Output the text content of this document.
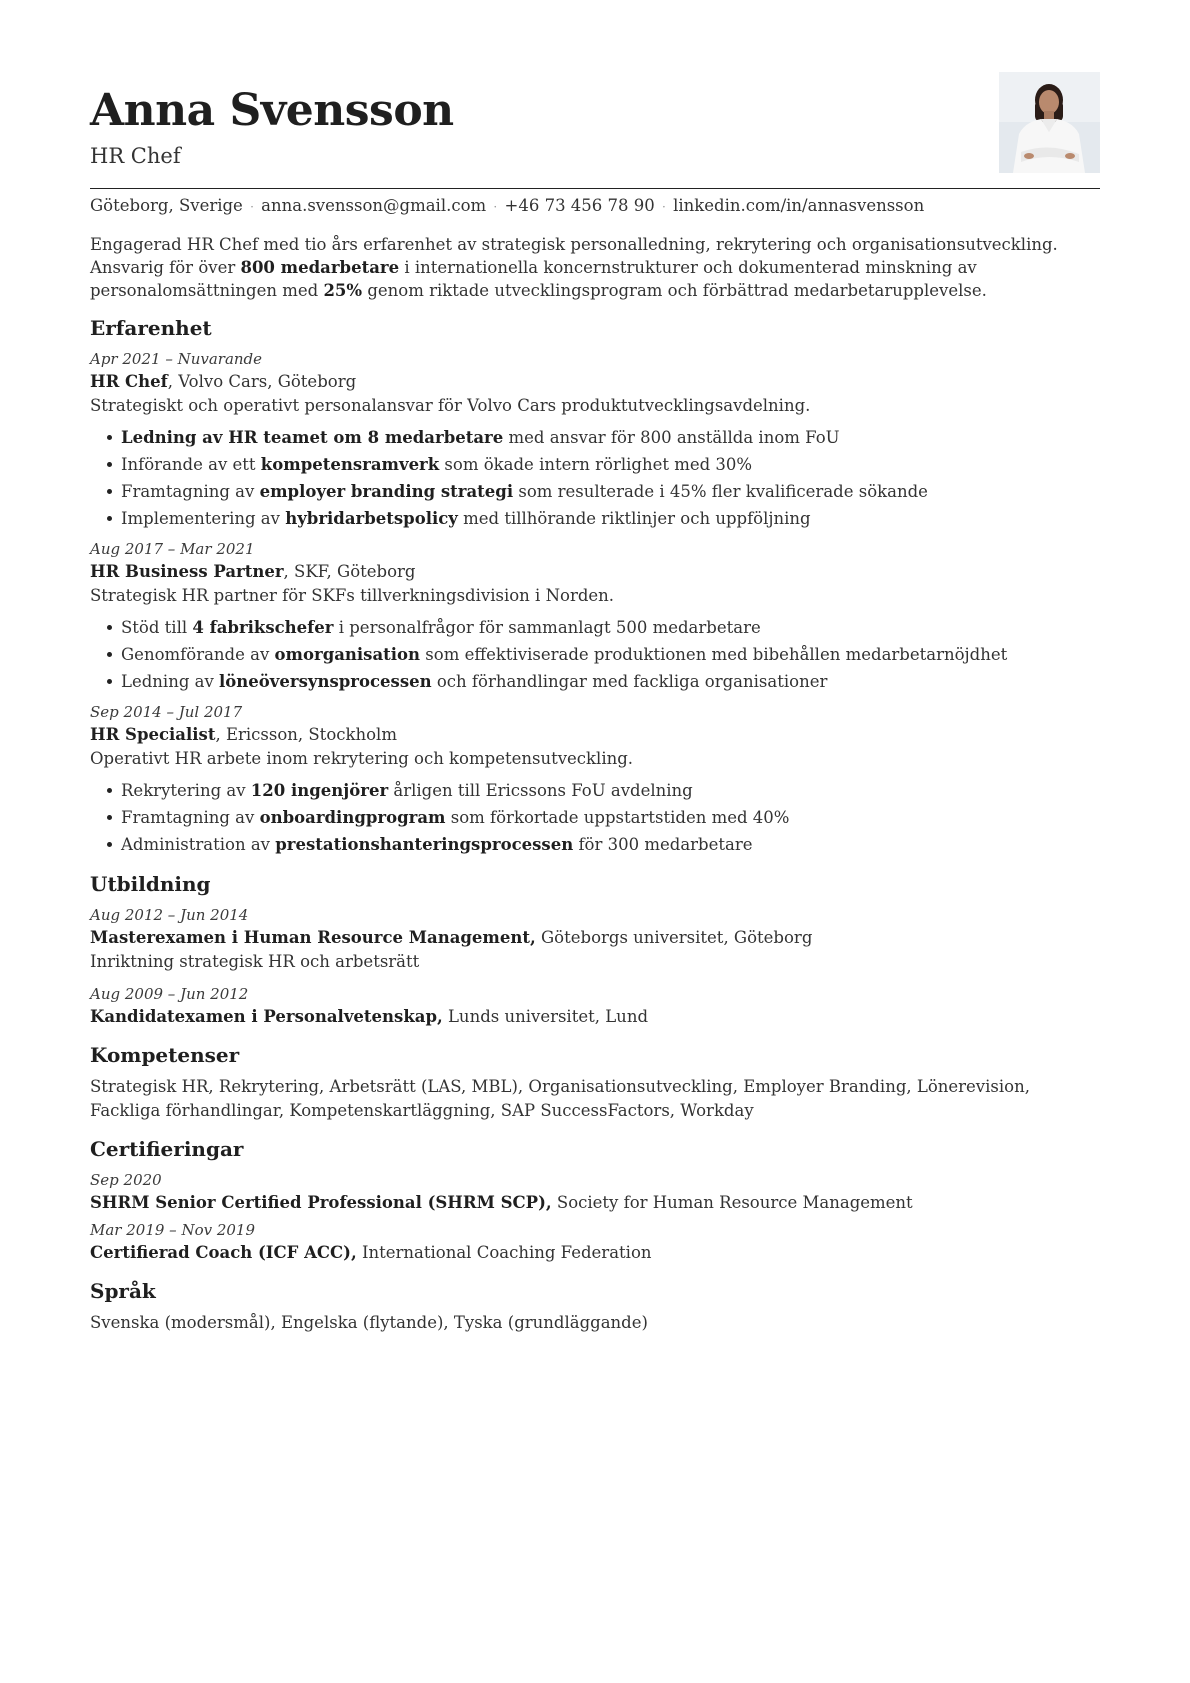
Anna Svensson
HR Chef
Göteborg, Sverige · anna.svensson@gmail.com · +46 73 456 78 90 · linkedin.com/in/annasvensson
Engagerad HR Chef med tio års erfarenhet av strategisk personalledning, rekrytering och organisationsutveckling. Ansvarig för över 800 medarbetare i internationella koncernstrukturer och dokumenterad minskning av personalomsättningen med 25% genom riktade utvecklingsprogram och förbättrad medarbetarupplevelse.
Erfarenhet
Apr 2021 – Nuvarande
HR Chef, Volvo Cars, Göteborg
Strategiskt och operativt personalansvar för Volvo Cars produktutvecklingsavdelning.
Ledning av HR teamet om 8 medarbetare med ansvar för 800 anställda inom FoU
Införande av ett kompetensramverk som ökade intern rörlighet med 30%
Framtagning av employer branding strategi som resulterade i 45% fler kvalificerade sökande
Implementering av hybridarbetspolicy med tillhörande riktlinjer och uppföljning
Aug 2017 – Mar 2021
HR Business Partner, SKF, Göteborg
Strategisk HR partner för SKFs tillverkningsdivision i Norden.
Stöd till 4 fabrikschefer i personalfrågor för sammanlagt 500 medarbetare
Genomförande av omorganisation som effektiviserade produktionen med bibehållen medarbetarnöjdhet
Ledning av löneöversynsprocessen och förhandlingar med fackliga organisationer
Sep 2014 – Jul 2017
HR Specialist, Ericsson, Stockholm
Operativt HR arbete inom rekrytering och kompetensutveckling.
Rekrytering av 120 ingenjörer årligen till Ericssons FoU avdelning
Framtagning av onboardingprogram som förkortade uppstartstiden med 40%
Administration av prestationshanteringsprocessen för 300 medarbetare
Utbildning
Aug 2012 – Jun 2014
Masterexamen i Human Resource Management, Göteborgs universitet, Göteborg
Inriktning strategisk HR och arbetsrätt
Aug 2009 – Jun 2012
Kandidatexamen i Personalvetenskap, Lunds universitet, Lund
Kompetenser
Strategisk HR, Rekrytering, Arbetsrätt (LAS, MBL), Organisationsutveckling, Employer Branding, Lönerevision, Fackliga förhandlingar, Kompetenskartläggning, SAP SuccessFactors, Workday
Certifieringar
Sep 2020
SHRM Senior Certified Professional (SHRM SCP), Society for Human Resource Management
Mar 2019 – Nov 2019
Certifierad Coach (ICF ACC), International Coaching Federation
Språk
Svenska (modersmål), Engelska (flytande), Tyska (grundläggande)
